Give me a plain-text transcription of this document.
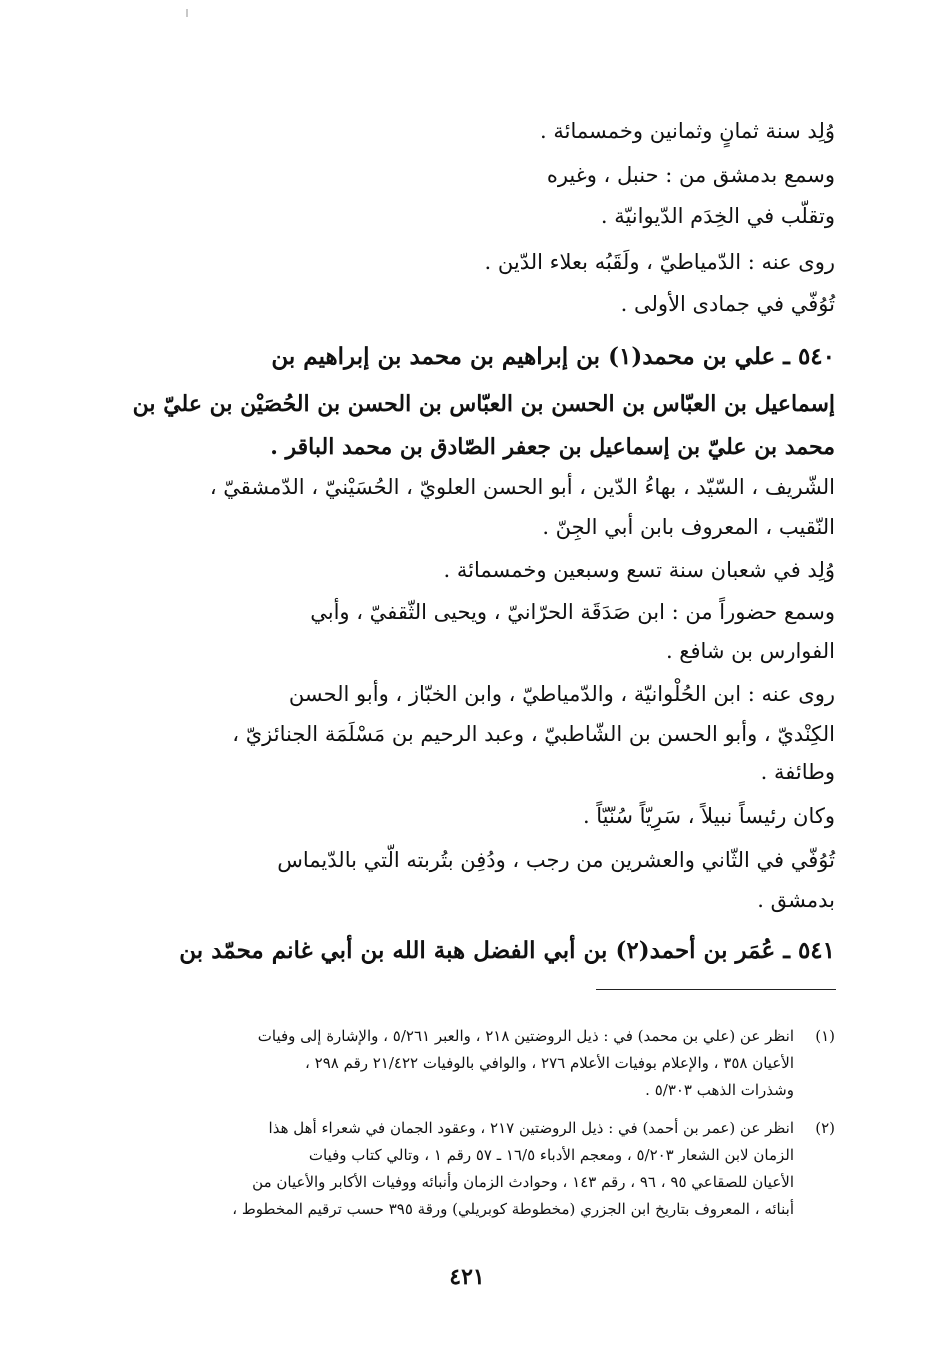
وُلِد سنة ثمانٍ وثمانين وخمسمائة .
وسمع بدمشق من : حنبل ، وغيره
وتقلّب في الخِدَم الدّيوانيّة .
روى عنه : الدّمياطيّ ، ولَقَبُه بعلاء الدّين .
تُوُفّي في جمادى الأولى .
٥٤٠ ـ علي بن محمد(١) بن إبراهيم بن محمد بن إبراهيم بن
إسماعيل بن العبّاس بن الحسن بن العبّاس بن الحسن بن الحُصَيْن بن عليّ بن
محمد بن عليّ بن إسماعيل بن جعفر الصّادق بن محمد الباقر .
الشّريف ، السّيّد ، بهاءُ الدّين ، أبو الحسن العلويّ ، الحُسَيْنيّ ، الدّمشقيّ ،
النّقيب ، المعروف بابن أبي الجِنّ .
وُلِد في شعبان سنة تسع وسبعين وخمسمائة .
وسمع حضوراً من : ابن صَدَقَة الحرّانيّ ، ويحيى الثّقفيّ ، وأبي
الفوارس بن شافع .
روى عنه : ابن الحُلْوانيّة ، والدّمياطيّ ، وابن الخبّاز ، وأبو الحسن
الكِنْديّ ، وأبو الحسن بن الشّاطبيّ ، وعبد الرحيم بن مَسْلَمَة الجنائزيّ ،
وطائفة .
وكان رئيساً نبيلاً ، سَرِيّاً سُنّيّاً .
تُوُفّي في الثّاني والعشرين من رجب ، ودُفِن بتُربته الّتي بالدّيماس
بدمشق .
٥٤١ ـ عُمَر بن أحمد(٢) بن أبي الفضل هبة الله بن أبي غانم محمّد بن
(١)
انظر عن (علي بن محمد) في : ذيل الروضتين ٢١٨ ، والعبر ٥/٢٦١ ، والإشارة إلى وفيات
الأعيان ٣٥٨ ، والإعلام بوفيات الأعلام ٢٧٦ ، والوافي بالوفيات ٢١/٤٢٢ رقم ٢٩٨ ،
وشذرات الذهب ٥/٣٠٣ .
(٢)
انظر عن (عمر بن أحمد) في : ذيل الروضتين ٢١٧ ، وعقود الجمان في شعراء أهل هذا
الزمان لابن الشعار ٥/٢٠٣ ، ومعجم الأدباء ١٦/٥ ـ ٥٧ رقم ١ ، وتالي كتاب وفيات
الأعيان للصقاعي ٩٥ ، ٩٦ ، رقم ١٤٣ ، وحوادث الزمان وأنبائه ووفيات الأكابر والأعيان من
أبنائه ، المعروف بتاريخ ابن الجزري (مخطوطة كوبريلي) ورقة ٣٩٥ حسب ترقيم المخطوط ،
٤٢١
